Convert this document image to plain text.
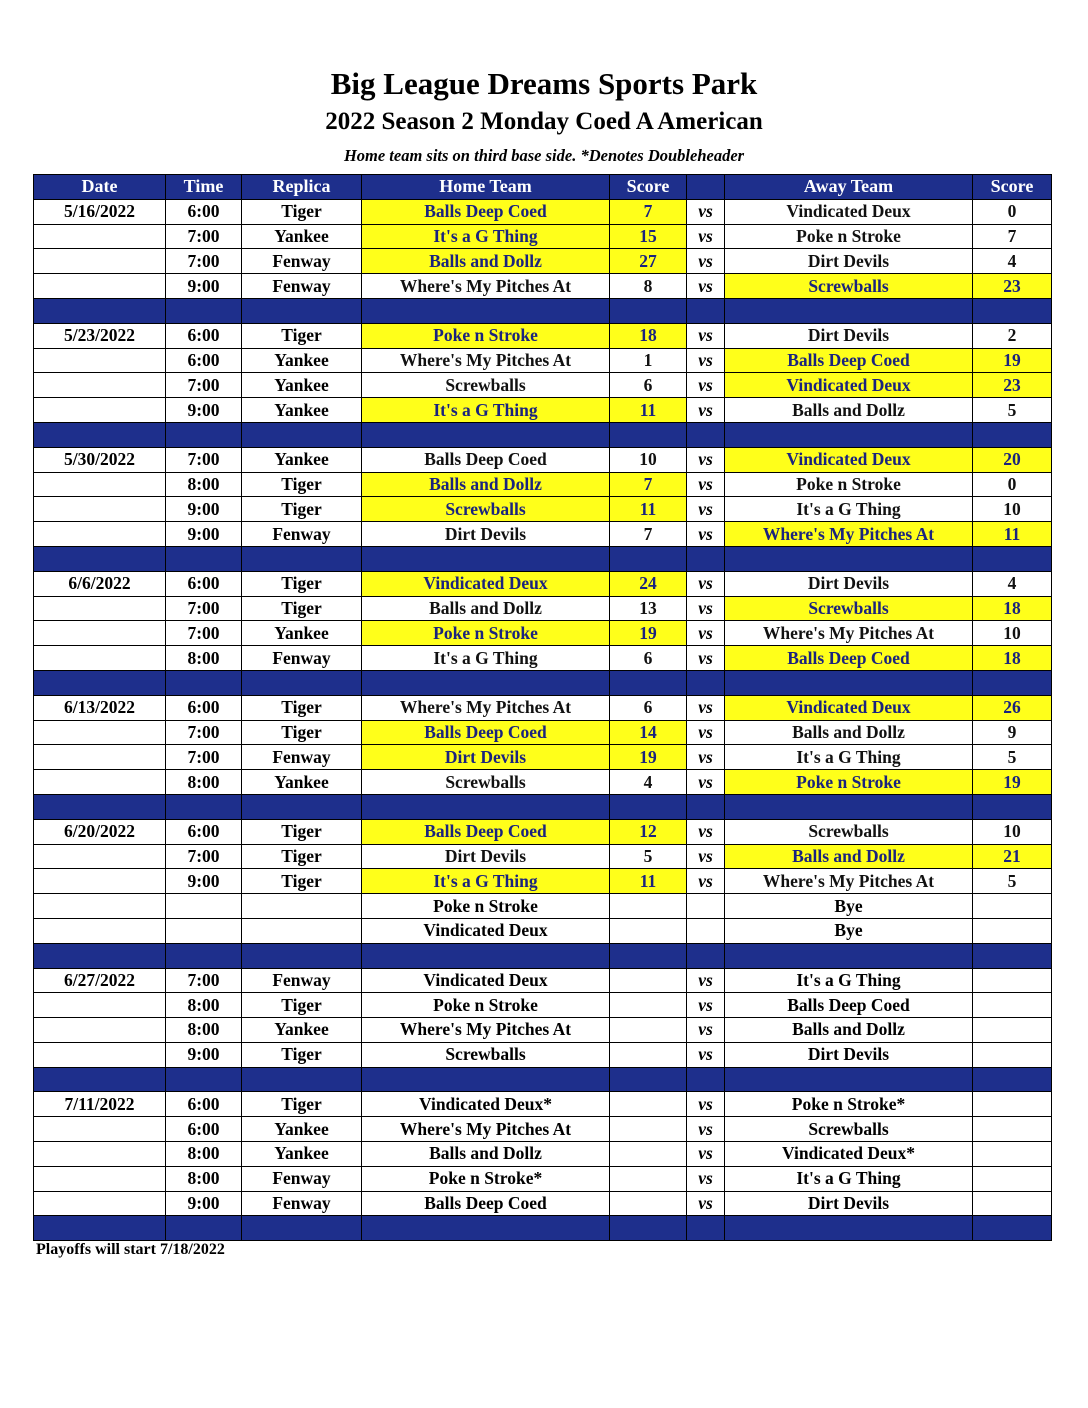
Big League Dreams Sports Park
2022 Season 2 Monday Coed A American
Home team sits on third base side. *Denotes Doubleheader
Date	Time	Replica	Home Team	Score		Away Team	Score
5/16/2022	6:00	Tiger	Balls Deep Coed	7	vs	Vindicated Deux	0
	7:00	Yankee	It's a G Thing	15	vs	Poke n Stroke	7
	7:00	Fenway	Balls and Dollz	27	vs	Dirt Devils	4
	9:00	Fenway	Where's My Pitches At	8	vs	Screwballs	23

5/23/2022	6:00	Tiger	Poke n Stroke	18	vs	Dirt Devils	2
	6:00	Yankee	Where's My Pitches At	1	vs	Balls Deep Coed	19
	7:00	Yankee	Screwballs	6	vs	Vindicated Deux	23
	9:00	Yankee	It's a G Thing	11	vs	Balls and Dollz	5

5/30/2022	7:00	Yankee	Balls Deep Coed	10	vs	Vindicated Deux	20
	8:00	Tiger	Balls and Dollz	7	vs	Poke n Stroke	0
	9:00	Tiger	Screwballs	11	vs	It's a G Thing	10
	9:00	Fenway	Dirt Devils	7	vs	Where's My Pitches At	11

6/6/2022	6:00	Tiger	Vindicated Deux	24	vs	Dirt Devils	4
	7:00	Tiger	Balls and Dollz	13	vs	Screwballs	18
	7:00	Yankee	Poke n Stroke	19	vs	Where's My Pitches At	10
	8:00	Fenway	It's a G Thing	6	vs	Balls Deep Coed	18

6/13/2022	6:00	Tiger	Where's My Pitches At	6	vs	Vindicated Deux	26
	7:00	Tiger	Balls Deep Coed	14	vs	Balls and Dollz	9
	7:00	Fenway	Dirt Devils	19	vs	It's a G Thing	5
	8:00	Yankee	Screwballs	4	vs	Poke n Stroke	19

6/20/2022	6:00	Tiger	Balls Deep Coed	12	vs	Screwballs	10
	7:00	Tiger	Dirt Devils	5	vs	Balls and Dollz	21
	9:00	Tiger	It's a G Thing	11	vs	Where's My Pitches At	5
			Poke n Stroke			Bye	
			Vindicated Deux			Bye	

6/27/2022	7:00	Fenway	Vindicated Deux		vs	It's a G Thing	
	8:00	Tiger	Poke n Stroke		vs	Balls Deep Coed	
	8:00	Yankee	Where's My Pitches At		vs	Balls and Dollz	
	9:00	Tiger	Screwballs		vs	Dirt Devils	

7/11/2022	6:00	Tiger	Vindicated Deux*		vs	Poke n Stroke*	
	6:00	Yankee	Where's My Pitches At		vs	Screwballs	
	8:00	Yankee	Balls and Dollz		vs	Vindicated Deux*	
	8:00	Fenway	Poke n Stroke*		vs	It's a G Thing	
	9:00	Fenway	Balls Deep Coed		vs	Dirt Devils	

Playoffs will start 7/18/2022
